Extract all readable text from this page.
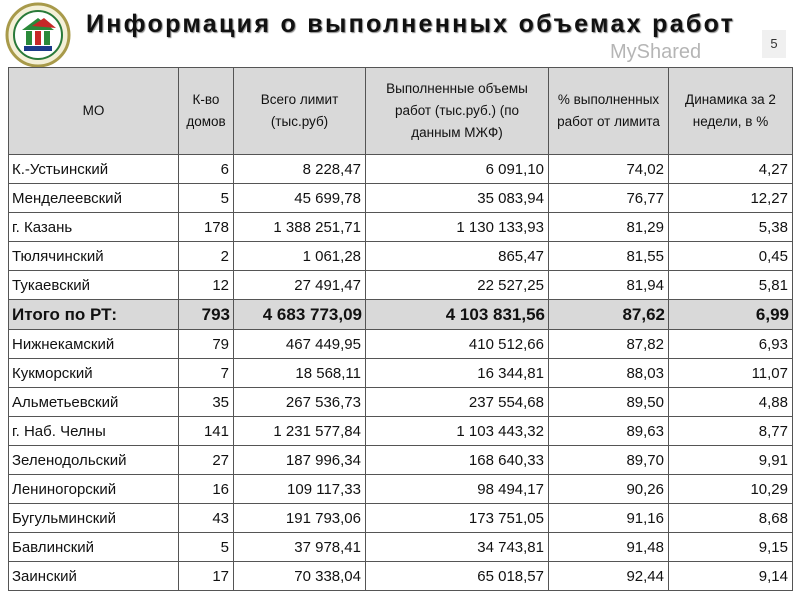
Информация о выполненных объемах работ
5
MyShared
МО	К-во домов	Всего лимит (тыс.руб)	Выполненные объемы работ (тыс.руб.) (по данным МЖФ)	% выполненных работ от лимита	Динамика за 2 недели, в %
К.-Устьинский	6	8 228,47	6 091,10	74,02	4,27
Менделеевский	5	45 699,78	35 083,94	76,77	12,27
г. Казань	178	1 388 251,71	1 130 133,93	81,29	5,38
Тюлячинский	2	1 061,28	865,47	81,55	0,45
Тукаевский	12	27 491,47	22 527,25	81,94	5,81
Итого по РТ:	793	4 683 773,09	4 103 831,56	87,62	6,99
Нижнекамский	79	467 449,95	410 512,66	87,82	6,93
Кукморский	7	18 568,11	16 344,81	88,03	11,07
Альметьевский	35	267 536,73	237 554,68	89,50	4,88
г. Наб. Челны	141	1 231 577,84	1 103 443,32	89,63	8,77
Зеленодольский	27	187 996,34	168 640,33	89,70	9,91
Лениногорский	16	109 117,33	98 494,17	90,26	10,29
Бугульминский	43	191 793,06	173 751,05	91,16	8,68
Бавлинский	5	37 978,41	34 743,81	91,48	9,15
Заинский	17	70 338,04	65 018,57	92,44	9,14
